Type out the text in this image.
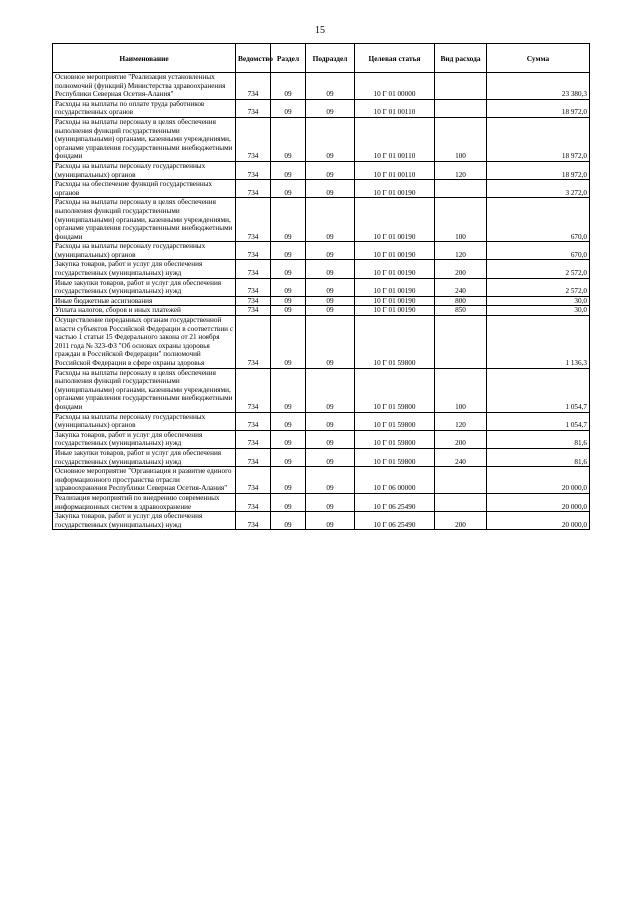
15
Наименование	Ведомство	Раздел	Подраздел	Целевая статья	Вид расхода	Сумма
Основное мероприятие "Реализация установленных полномочий (функций) Министерства здравоохранения Республики Северная Осетия-Алания"	734	09	09	10 Г 01 00000		23 380,3
Расходы на выплаты по оплате труда работников государственных органов	734	09	09	10 Г 01 00110		18 972,0
Расходы на выплаты персоналу в целях обеспечения выполнения функций государственными (муниципальными) органами, казенными учреждениями, органами управления государственными внебюджетными фондами	734	09	09	10 Г 01 00110	100	18 972,0
Расходы на выплаты персоналу государственных (муниципальных) органов	734	09	09	10 Г 01 00110	120	18 972,0
Расходы на обеспечение функций государственных органов	734	09	09	10 Г 01 00190		3 272,0
Расходы на выплаты персоналу в целях обеспечения выполнения функций государственными (муниципальными) органами, казенными учреждениями, органами управления государственными внебюджетными фондами	734	09	09	10 Г 01 00190	100	670,0
Расходы на выплаты персоналу государственных (муниципальных) органов	734	09	09	10 Г 01 00190	120	670,0
Закупка товаров, работ и услуг для обеспечения государственных (муниципальных) нужд	734	09	09	10 Г 01 00190	200	2 572,0
Иные закупки товаров, работ и услуг для обеспечения государственных (муниципальных) нужд	734	09	09	10 Г 01 00190	240	2 572,0
Иные бюджетные ассигнования	734	09	09	10 Г 01 00190	800	30,0
Уплата налогов, сборов и иных платежей	734	09	09	10 Г 01 00190	850	30,0
Осуществление переданных органам государственной власти субъектов Российской Федерации в соответствии с частью 1 статьи 15 Федерального закона от 21 ноября 2011 года № 323-ФЗ "Об основах охраны здоровья граждан в Российской Федерации" полномочий Российской Федерации в сфере охраны здоровья	734	09	09	10 Г 01 59800		1 136,3
Расходы на выплаты персоналу в целях обеспечения выполнения функций государственными (муниципальными) органами, казенными учреждениями, органами управления государственными внебюджетными фондами	734	09	09	10 Г 01 59800	100	1 054,7
Расходы на выплаты персоналу государственных (муниципальных) органов	734	09	09	10 Г 01 59800	120	1 054,7
Закупка товаров, работ и услуг для обеспечения государственных (муниципальных) нужд	734	09	09	10 Г 01 59800	200	81,6
Иные закупки товаров, работ и услуг для обеспечения государственных (муниципальных) нужд	734	09	09	10 Г 01 59800	240	81,6
Основное мероприятие "Организация и развитие единого информационного пространства отрасли здравоохранения Республики Северная Осетия-Алания"	734	09	09	10 Г 06 00000		20 000,0
Реализация мероприятий по внедрению современных информационных систем в здравоохранение	734	09	09	10 Г 06 25490		20 000,0
Закупка товаров, работ и услуг для обеспечения государственных (муниципальных) нужд	734	09	09	10 Г 06 25490	200	20 000,0
